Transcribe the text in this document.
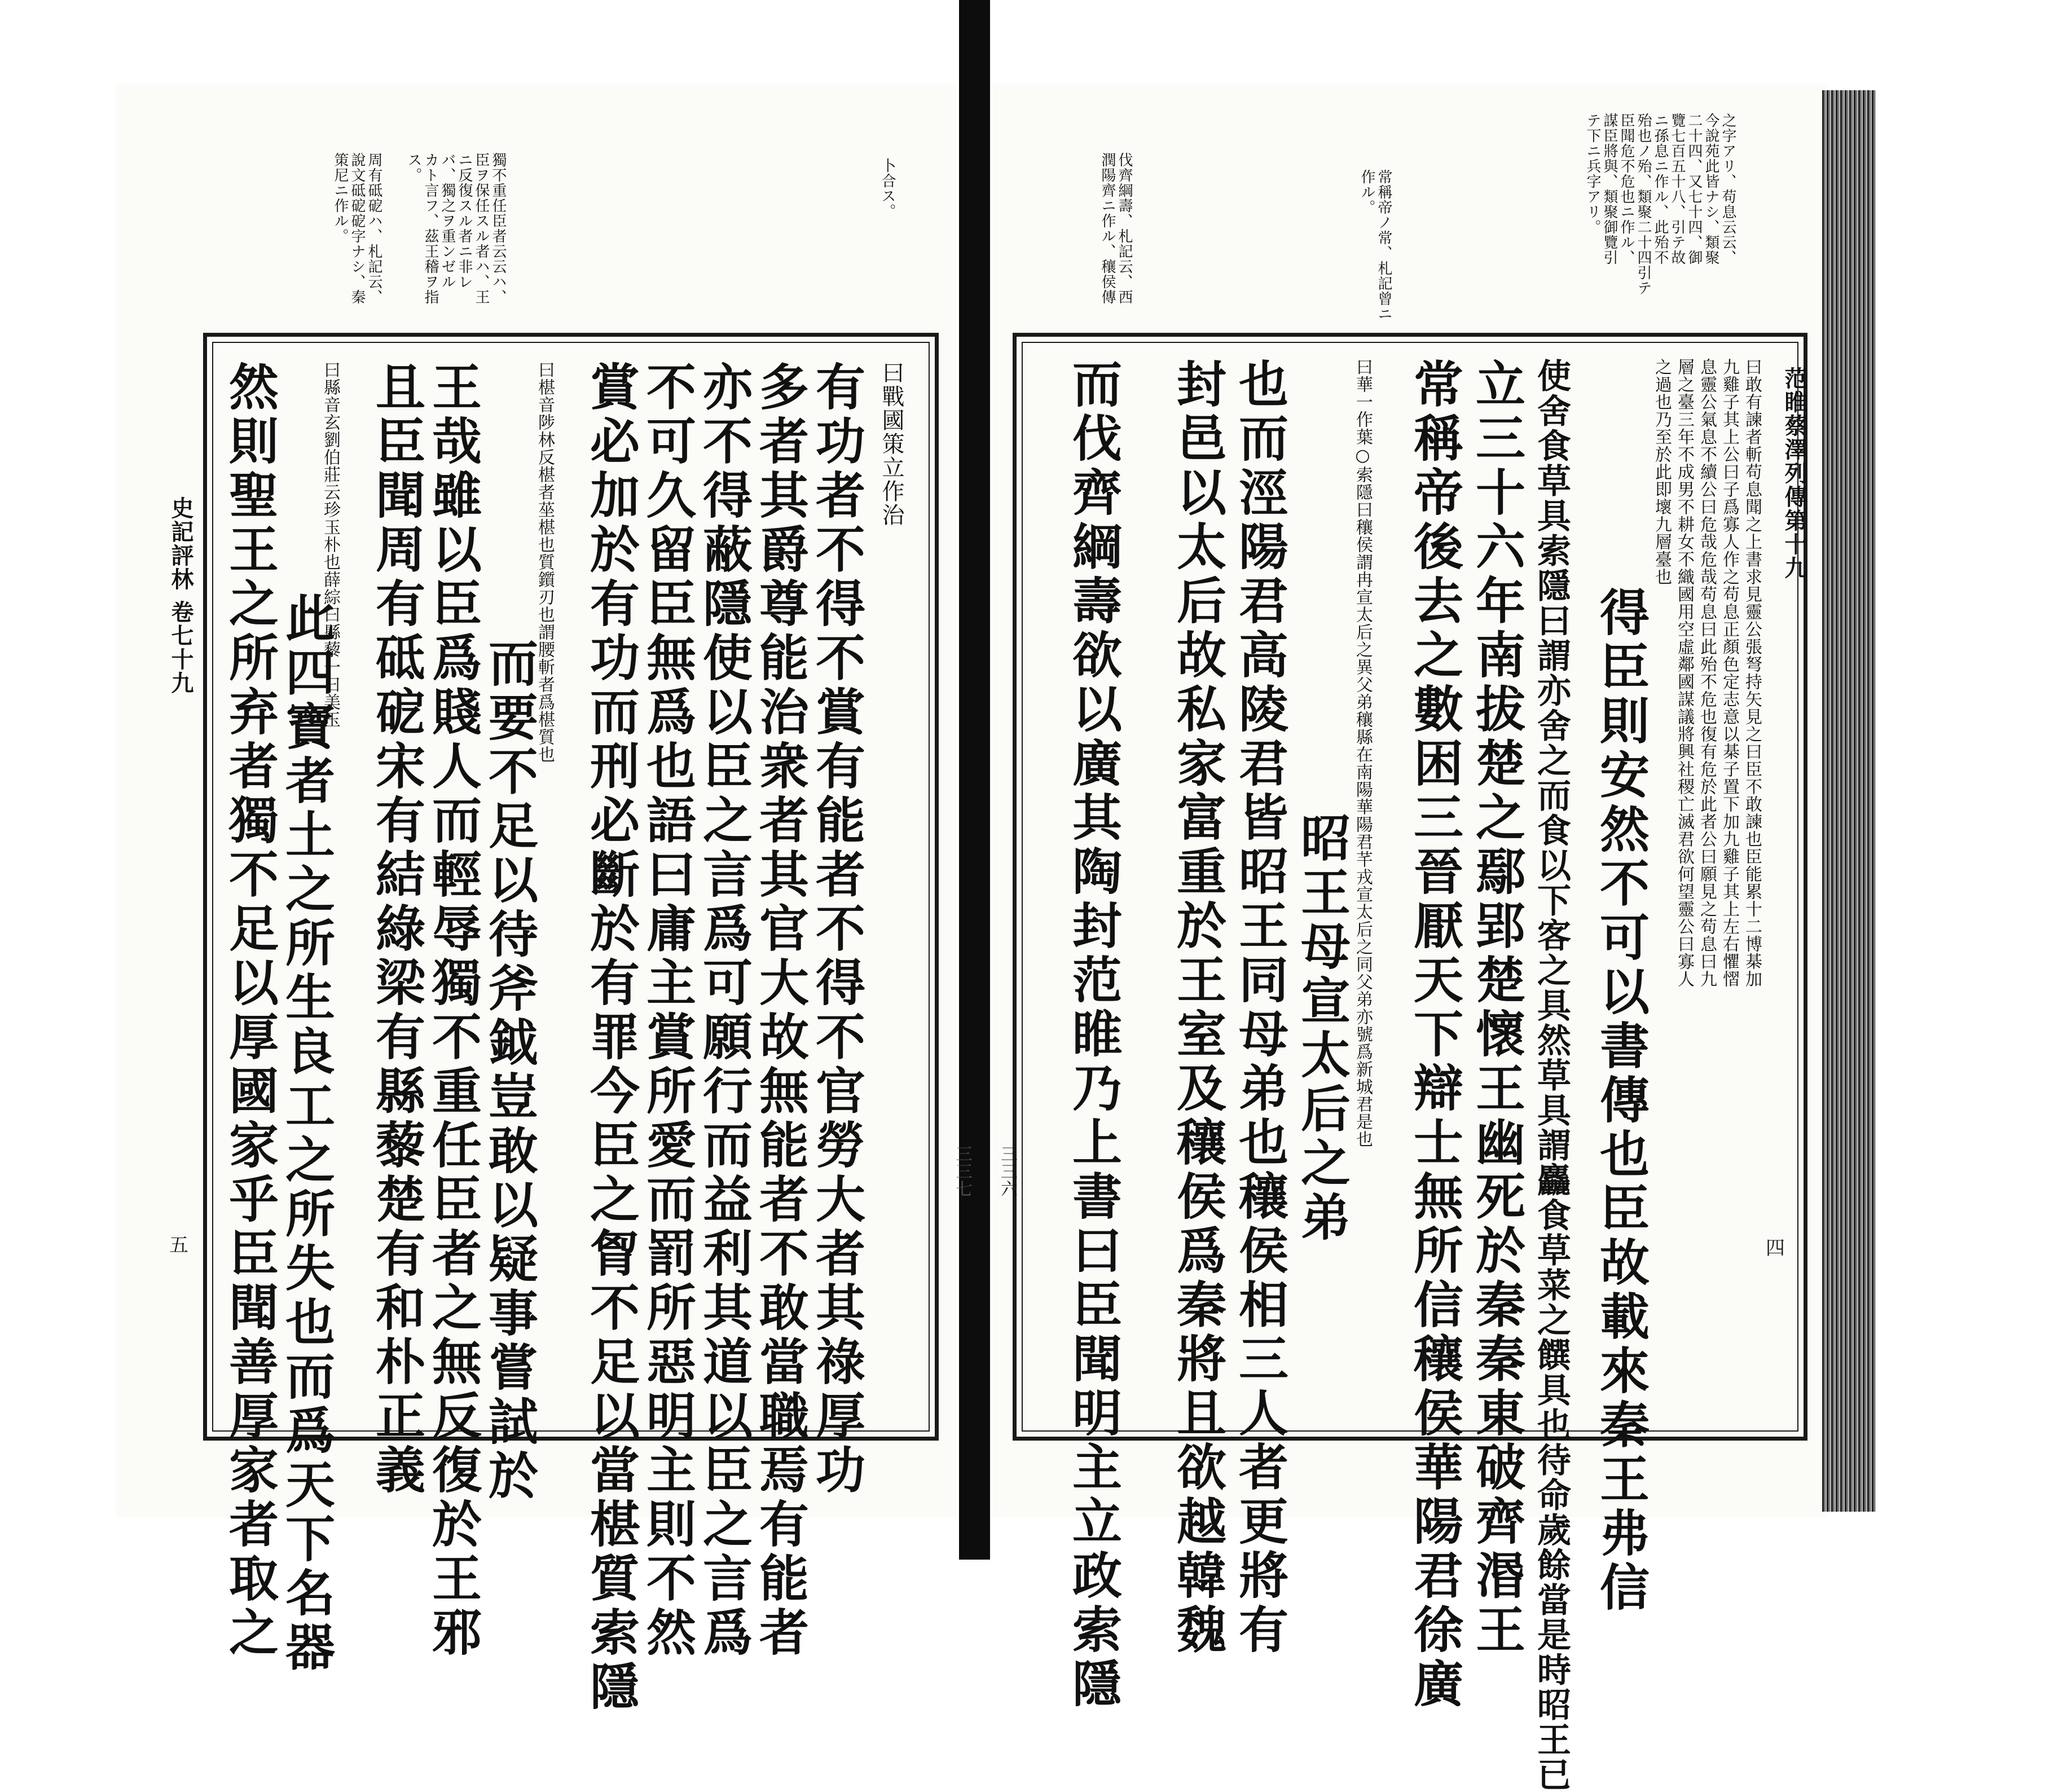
范睢蔡澤列傳第十九
四
之字アリ、苟息云云、
今說苑此皆ナシ、類聚
二十四、又七十四、御
覽七百五十八、引テ故
ニ孫息ニ作ル、此殆不
殆也ノ殆、類聚二十四引テ
臣聞危不危也ニ作ル、
謀臣將與、類聚御覽引
テ下ニ兵字アリ。
常稱帝ノ常、札記曾ニ
作ル。
伐齊綱壽、札記云、西
潤陽齊ニ作ル、穰侯傳
曰敢有諫者斬苟息聞之上書求見靈公張弩持矢見之曰臣不敢諫也臣能累十二博棊加
九雞子其上公曰子爲寡人作之苟息正顏色定志意以棊子置下加九雞子其上左右懼慴
息靈公氣息不續公曰危哉危哉苟息曰此殆不危也復有危於此者公曰願見之苟息曰九
層之臺三年不成男不耕女不織國用空虛鄰國謀議將興社稷亡滅君欲何望靈公曰寡人
之過也乃至於此即壞九層臺也
得臣則安然不可以書傳也臣故載來秦王弗信
使舍食草具索隱曰謂亦舍之而食以下客之具然草具謂麤食草菜之饌具也待命歲餘當是時昭王已
立三十六年南拔楚之鄢郢楚懷王幽死於秦秦東破齊湣王
常稱帝後去之數困三晉厭天下辯士無所信穰侯華陽君徐廣
曰華一作葉○索隱曰穰侯謂冉宣太后之異父弟穰縣在南陽華陽君芊戎宣太后之同父弟亦號爲新城君是也
昭王母宣太后之弟
也而涇陽君高陵君皆昭王同母弟也穰侯相三人者更將有
封邑以太后故私家富重於王室及穰侯爲秦將且欲越韓魏
而伐齊綱壽欲以廣其陶封范睢乃上書曰臣聞明主立政索隱
卜合ス。
獨不重任臣者云云ハ、
臣ヲ保任スル者ハ、王
ニ反復スル者ニ非レ
バ、獨之ヲ重ンゼル
カト言フ、茲王稽ヲ指
ス。
周有砥砨ハ、札記云、
說文砥砨砨字ナシ、秦
策尼ニ作ル。
曰戰國策立作治
有功者不得不賞有能者不得不官勞大者其祿厚功
多者其爵尊能治衆者其官大故無能者不敢當職焉有能者
亦不得蔽隱使以臣之言爲可願行而益利其道以臣之言爲
不可久留臣無爲也語曰庸主賞所愛而罰所惡明主則不然
賞必加於有功而刑必斷於有罪今臣之胷不足以當椹質索隱
曰椹音陟林反椹者莝椹也質鑕刃也謂腰斬者爲椹質也
而要不足以待斧鉞豈敢以疑事嘗試於
王哉雖以臣爲賤人而輕辱獨不重任臣者之無反復於王邪
且臣聞周有砥砨宋有結綠梁有縣藜楚有和朴正義
曰縣音玄劉伯莊云珍玉朴也薛綜曰縣藜一曰美玉
此四寶者土之所生良工之所失也而爲天下名器
然則聖王之所弃者獨不足以厚國家乎臣聞善厚家者取之
史記評林 卷七十九
五
三三六
三三七
